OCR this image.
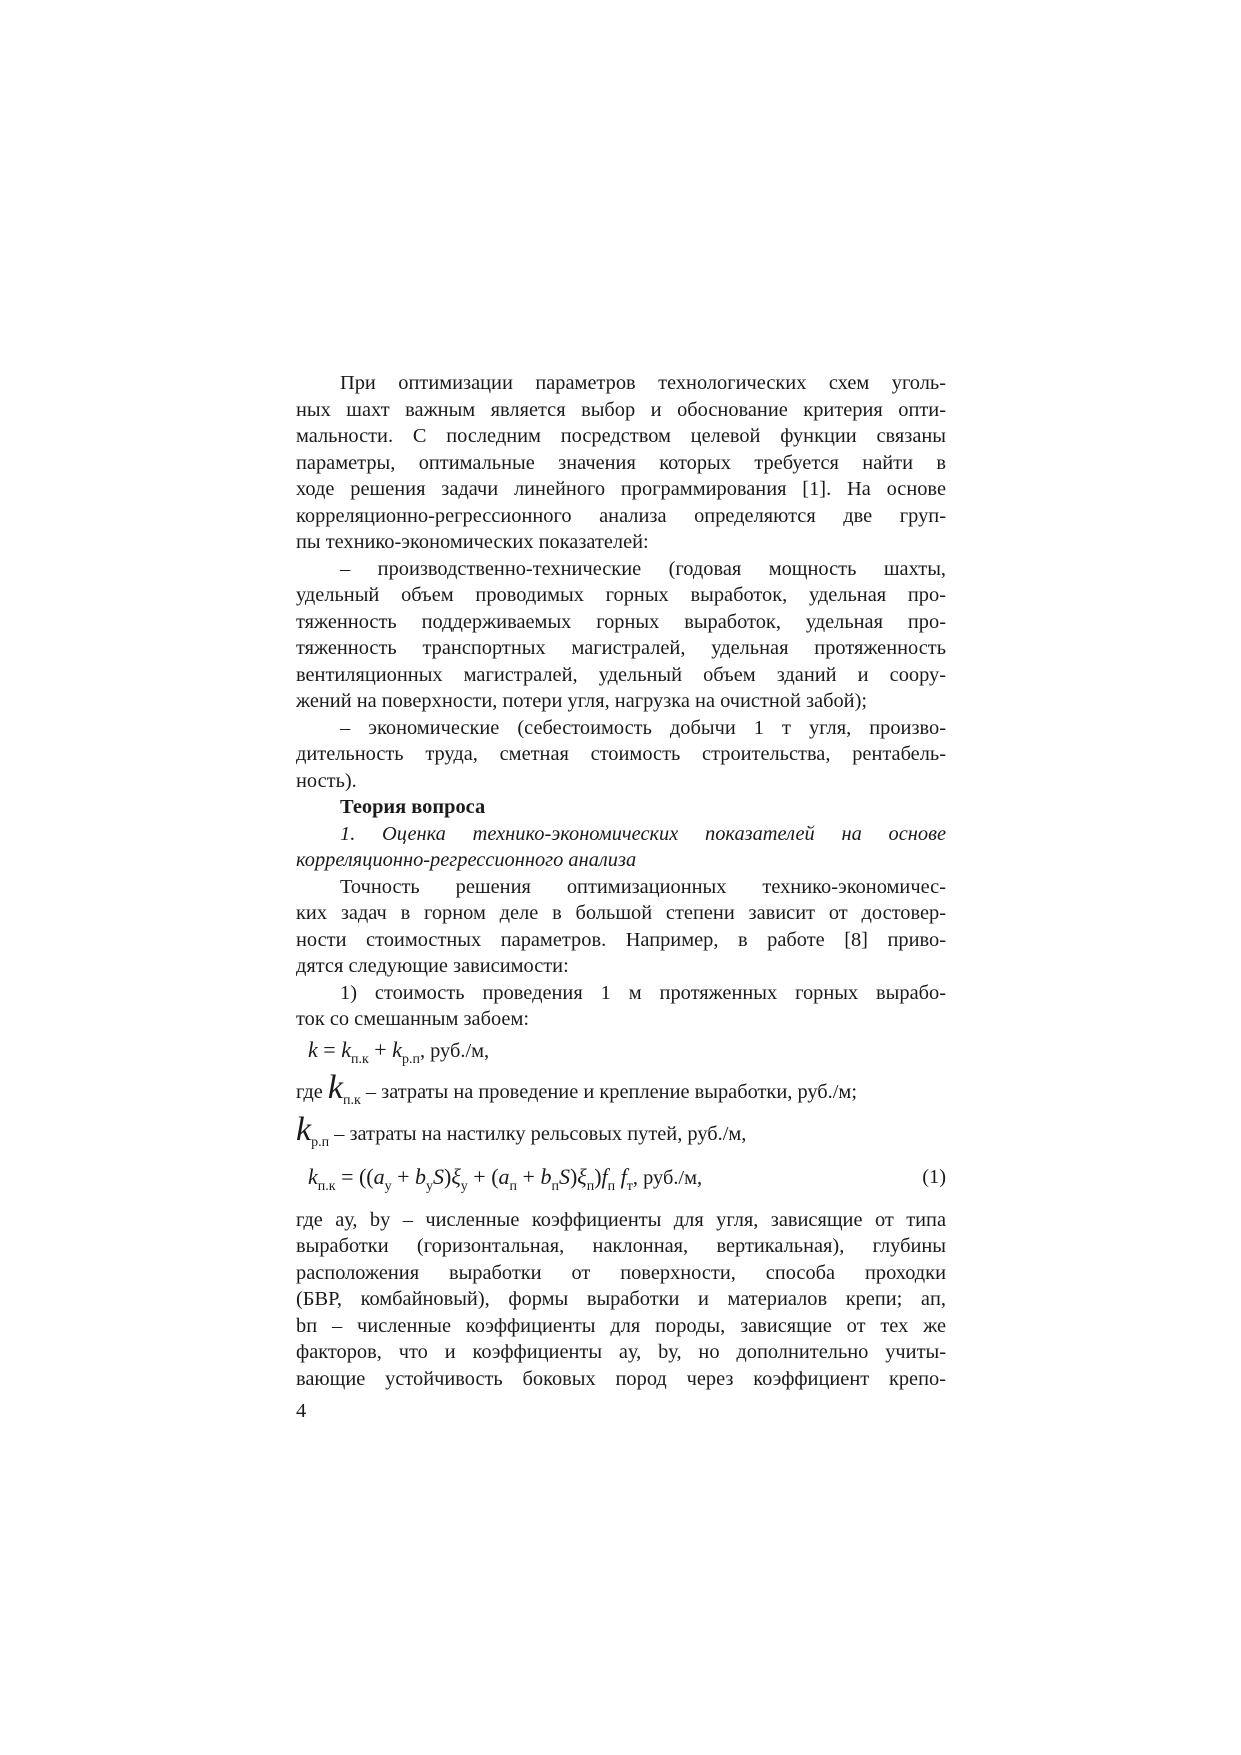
При оптимизации параметров технологических схем уголь-
ных шахт важным является выбор и обоснование критерия опти-
мальности. С последним посредством целевой функции связаны
параметры, оптимальные значения которых требуется найти в
ходе решения задачи линейного программирования [1]. На основе
корреляционно-регрессионного анализа определяются две груп-
пы технико-экономических показателей:
– производственно-технические (годовая мощность шахты,
удельный объем проводимых горных выработок, удельная про-
тяженность поддерживаемых горных выработок, удельная про-
тяженность транспортных магистралей, удельная протяженность
вентиляционных магистралей, удельный объем зданий и соору-
жений на поверхности, потери угля, нагрузка на очистной забой);
– экономические (себестоимость добычи 1 т угля, произво-
дительность труда, сметная стоимость строительства, рентабель-
ность).
Теория вопроса
1. Оценка технико-экономических показателей на основе
корреляционно-регрессионного анализа
Точность решения оптимизационных технико-экономичес-
ких задач в горном деле в большой степени зависит от достовер-
ности стоимостных параметров. Например, в работе [8] приво-
дятся следующие зависимости:
1) стоимость проведения 1 м протяженных горных вырабо-
ток со смешанным забоем:
$k = k_{п.к} + k_{р.п}$, руб./м,
где $k_{п.к}$ – затраты на проведение и крепление выработки, руб./м;
$k_{р.п}$ – затраты на настилку рельсовых путей, руб./м,
$k_{п.к} = ((a_у + b_уS)\xi_у + (a_п + b_пS)\xi_п)f_п$ $f_т$, руб./м,	(1)
где aу, bу – численные коэффициенты для угля, зависящие от типа
выработки (горизонтальная, наклонная, вертикальная), глубины
расположения выработки от поверхности, способа проходки
(БВР, комбайновый), формы выработки и материалов крепи; aп,
bп – численные коэффициенты для породы, зависящие от тех же
факторов, что и коэффициенты aу, bу, но дополнительно учиты-
вающие устойчивость боковых пород через коэффициент крепо-
4
